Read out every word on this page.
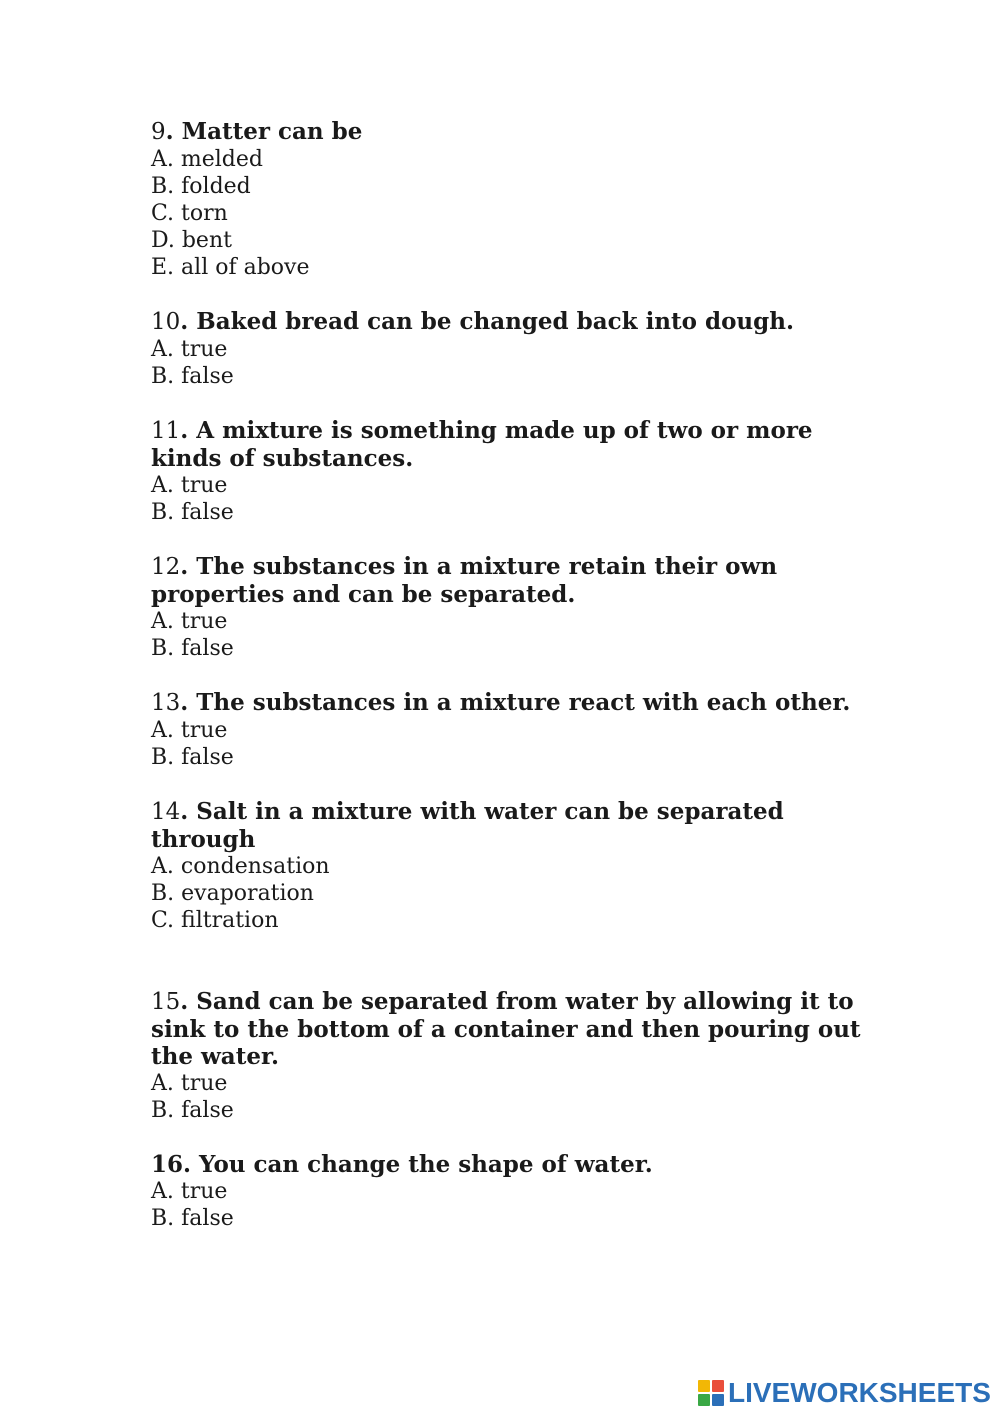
9. Matter can be
A. melded
B. folded
C. torn
D. bent
E. all of above
10. Baked bread can be changed back into dough.
A. true
B. false
11. A mixture is something made up of two or more kinds of substances.
A. true
B. false
12. The substances in a mixture retain their own properties and can be separated.
A. true
B. false
13. The substances in a mixture react with each other.
A. true
B. false
14. Salt in a mixture with water can be separated through
A. condensation
B. evaporation
C. filtration
15. Sand can be separated from water by allowing it to sink to the bottom of a container and then pouring out the water.
A. true
B. false
16. You can change the shape of water.
A. true
B. false
LIVEWORKSHEETS
